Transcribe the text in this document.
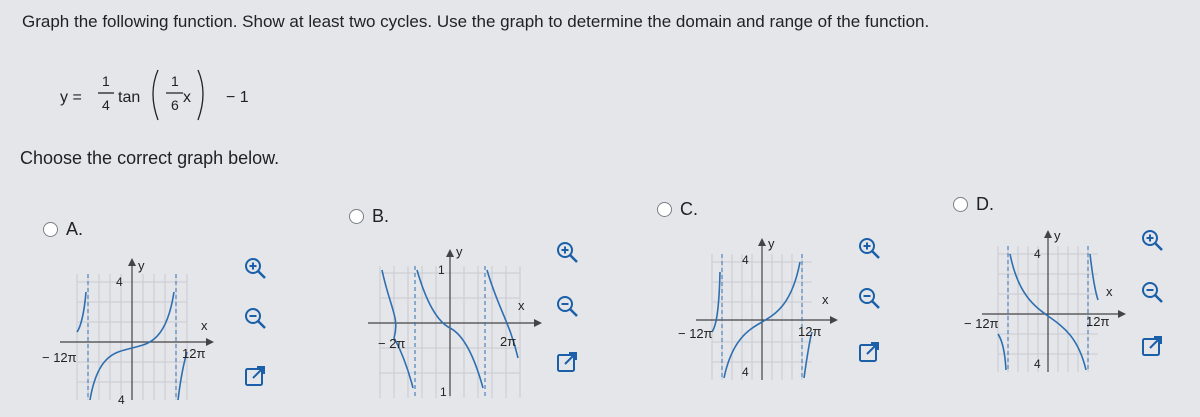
Graph the following function. Show at least two cycles. Use the graph to determine the domain and range of the function.
y =
1
4 tan
1
6 x − 1
Choose the correct graph below.
A.
y
4
x
− 12π	12π
4
B.
y
1
x
− 2π	2π
1
C.
y
4
x
− 12π	12π
4
D.
y
4
x
− 12π	12π
4
